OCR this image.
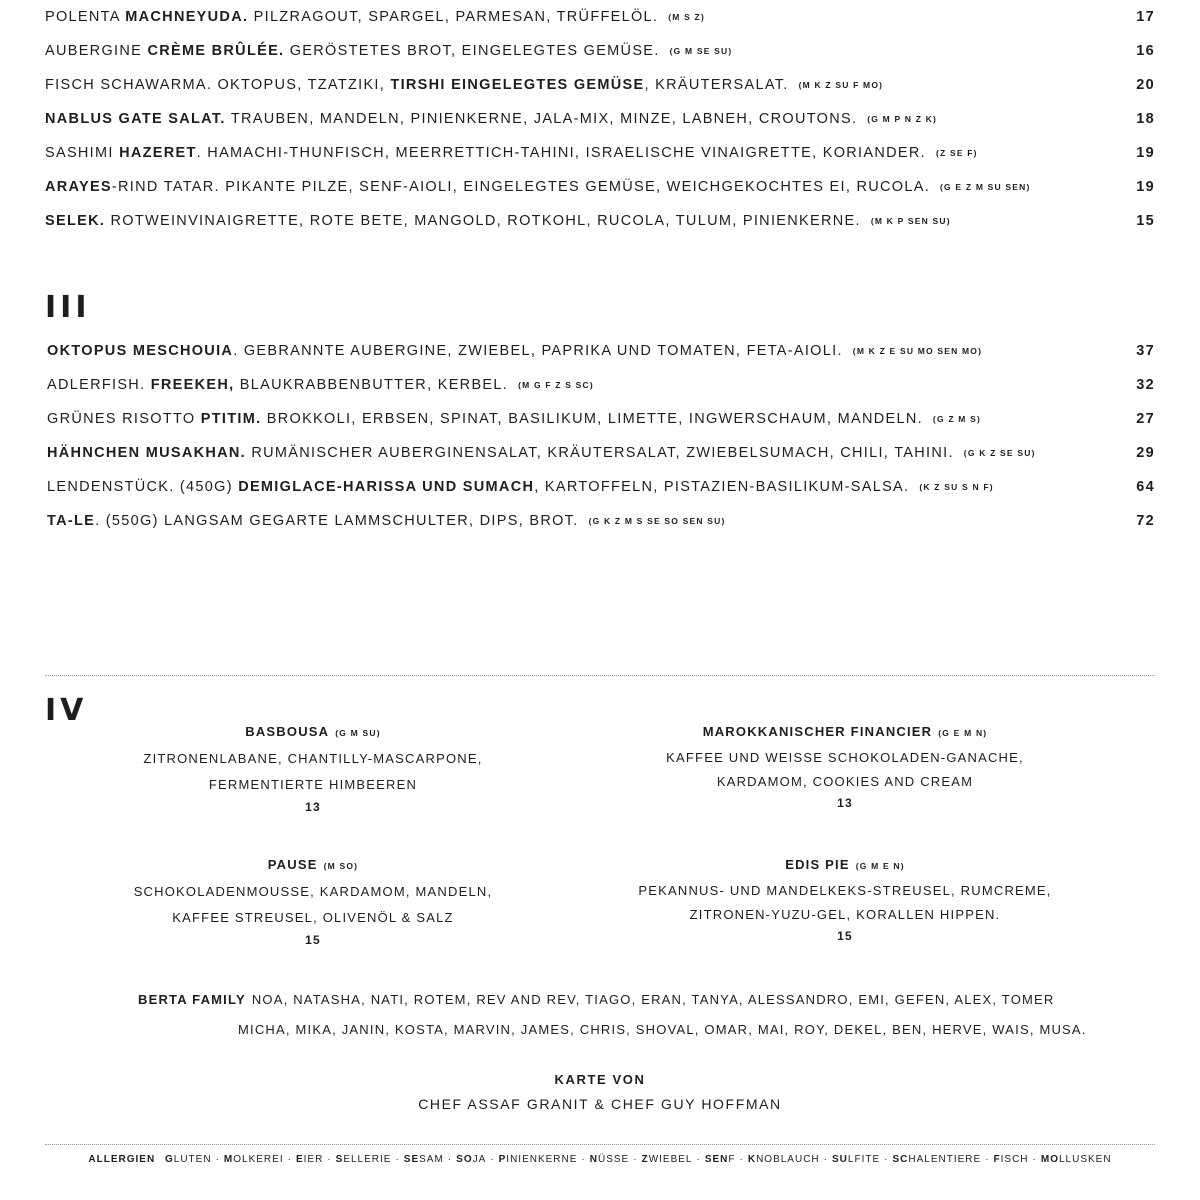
POLENTA MACHNEYUDA. PILZRAGOUT, SPARGEL, PARMESAN, TRÜFFELÖL. (M S Z)	17
AUBERGINE CRÈME BRÛLÉE. GERÖSTETES BROT, EINGELEGTES GEMÜSE. (G M SE SU)	16
FISCH SCHAWARMA. OKTOPUS, TZATZIKI, TIRSHI EINGELEGTES GEMÜSE, KRÄUTERSALAT. (M K Z SU F MO)	20
NABLUS GATE SALAT. TRAUBEN, MANDELN, PINIENKERNE, JALA-MIX, MINZE, LABNEH, CROUTONS. (G M P N Z K)	18
SASHIMI HAZERET. HAMACHI-THUNFISCH, MEERRETTICH-TAHINI, ISRAELISCHE VINAIGRETTE, KORIANDER. (Z SE F)	19
ARAYES-RIND TATAR. PIKANTE PILZE, SENF-AIOLI, EINGELEGTES GEMÜSE, WEICHGEKOCHTES EI, RUCOLA. (G E Z M SU SEN)	19
SELEK. ROTWEINVINAIGRETTE, ROTE BETE, MANGOLD, ROTKOHL, RUCOLA, TULUM, PINIENKERNE. (M K P SEN SU)	15
III
OKTOPUS MESCHOUIA. GEBRANNTE AUBERGINE, ZWIEBEL, PAPRIKA UND TOMATEN, FETA-AIOLI. (M K Z E SU MO SEN MO)	37
ADLERFISH. FREEKEH, BLAUKRABBENBUTTER, KERBEL. (M G F Z S SC)	32
GRÜNES RISOTTO PTITIM. BROKKOLI, ERBSEN, SPINAT, BASILIKUM, LIMETTE, INGWERSCHAUM, MANDELN. (G Z M S)	27
HÄHNCHEN MUSAKHAN. RUMÄNISCHER AUBERGINENSALAT, KRÄUTERSALAT, ZWIEBELSUMACH, CHILI, TAHINI. (G K Z SE SU)	29
LENDENSTÜCK. (450G) DEMIGLACE-HARISSA UND SUMACH, KARTOFFELN, PISTAZIEN-BASILIKUM-SALSA. (K Z SU S N F)	64
TA-LE. (550G) LANGSAM GEGARTE LAMMSCHULTER, DIPS, BROT. (G K Z M S SE SO SEN SU)	72
IV
BASBOUSA (G M SU)
ZITRONENLABANE, CHANTILLY-MASCARPONE,
FERMENTIERTE HIMBEEREN
13
MAROKKANISCHER FINANCIER (G E M N)
KAFFEE UND WEISSE SCHOKOLADEN-GANACHE,
KARDAMOM, COOKIES AND CREAM
13
PAUSE (M SO)
SCHOKOLADENMOUSSE, KARDAMOM, MANDELN,
KAFFEE STREUSEL, OLIVENÖL & SALZ
15
EDIS PIE (G M E N)
PEKANNUS- UND MANDELKEKS-STREUSEL, RUMCREME,
ZITRONEN-YUZU-GEL, KORALLEN HIPPEN.
15
BERTA FAMILY NOA, NATASHA, NATI, ROTEM, REV AND REV, TIAGO, ERAN, TANYA, ALESSANDRO, EMI, GEFEN, ALEX, TOMER
MICHA, MIKA, JANIN, KOSTA, MARVIN, JAMES, CHRIS, SHOVAL, OMAR, MAI, ROY, DEKEL, BEN, HERVE, WAIS, MUSA.
KARTE VON
CHEF ASSAF GRANIT & CHEF GUY HOFFMAN
ALLERGIEN GLUTEN · MOLKEREI · EIER · SELLERIE · SESAM · SOJA · PINIENKERNE · NÜSSE · ZWIEBEL · SENF · KNOBLAUCH · SULFITE · SCHALENTIERE · FISCH · MOLLUSKEN
